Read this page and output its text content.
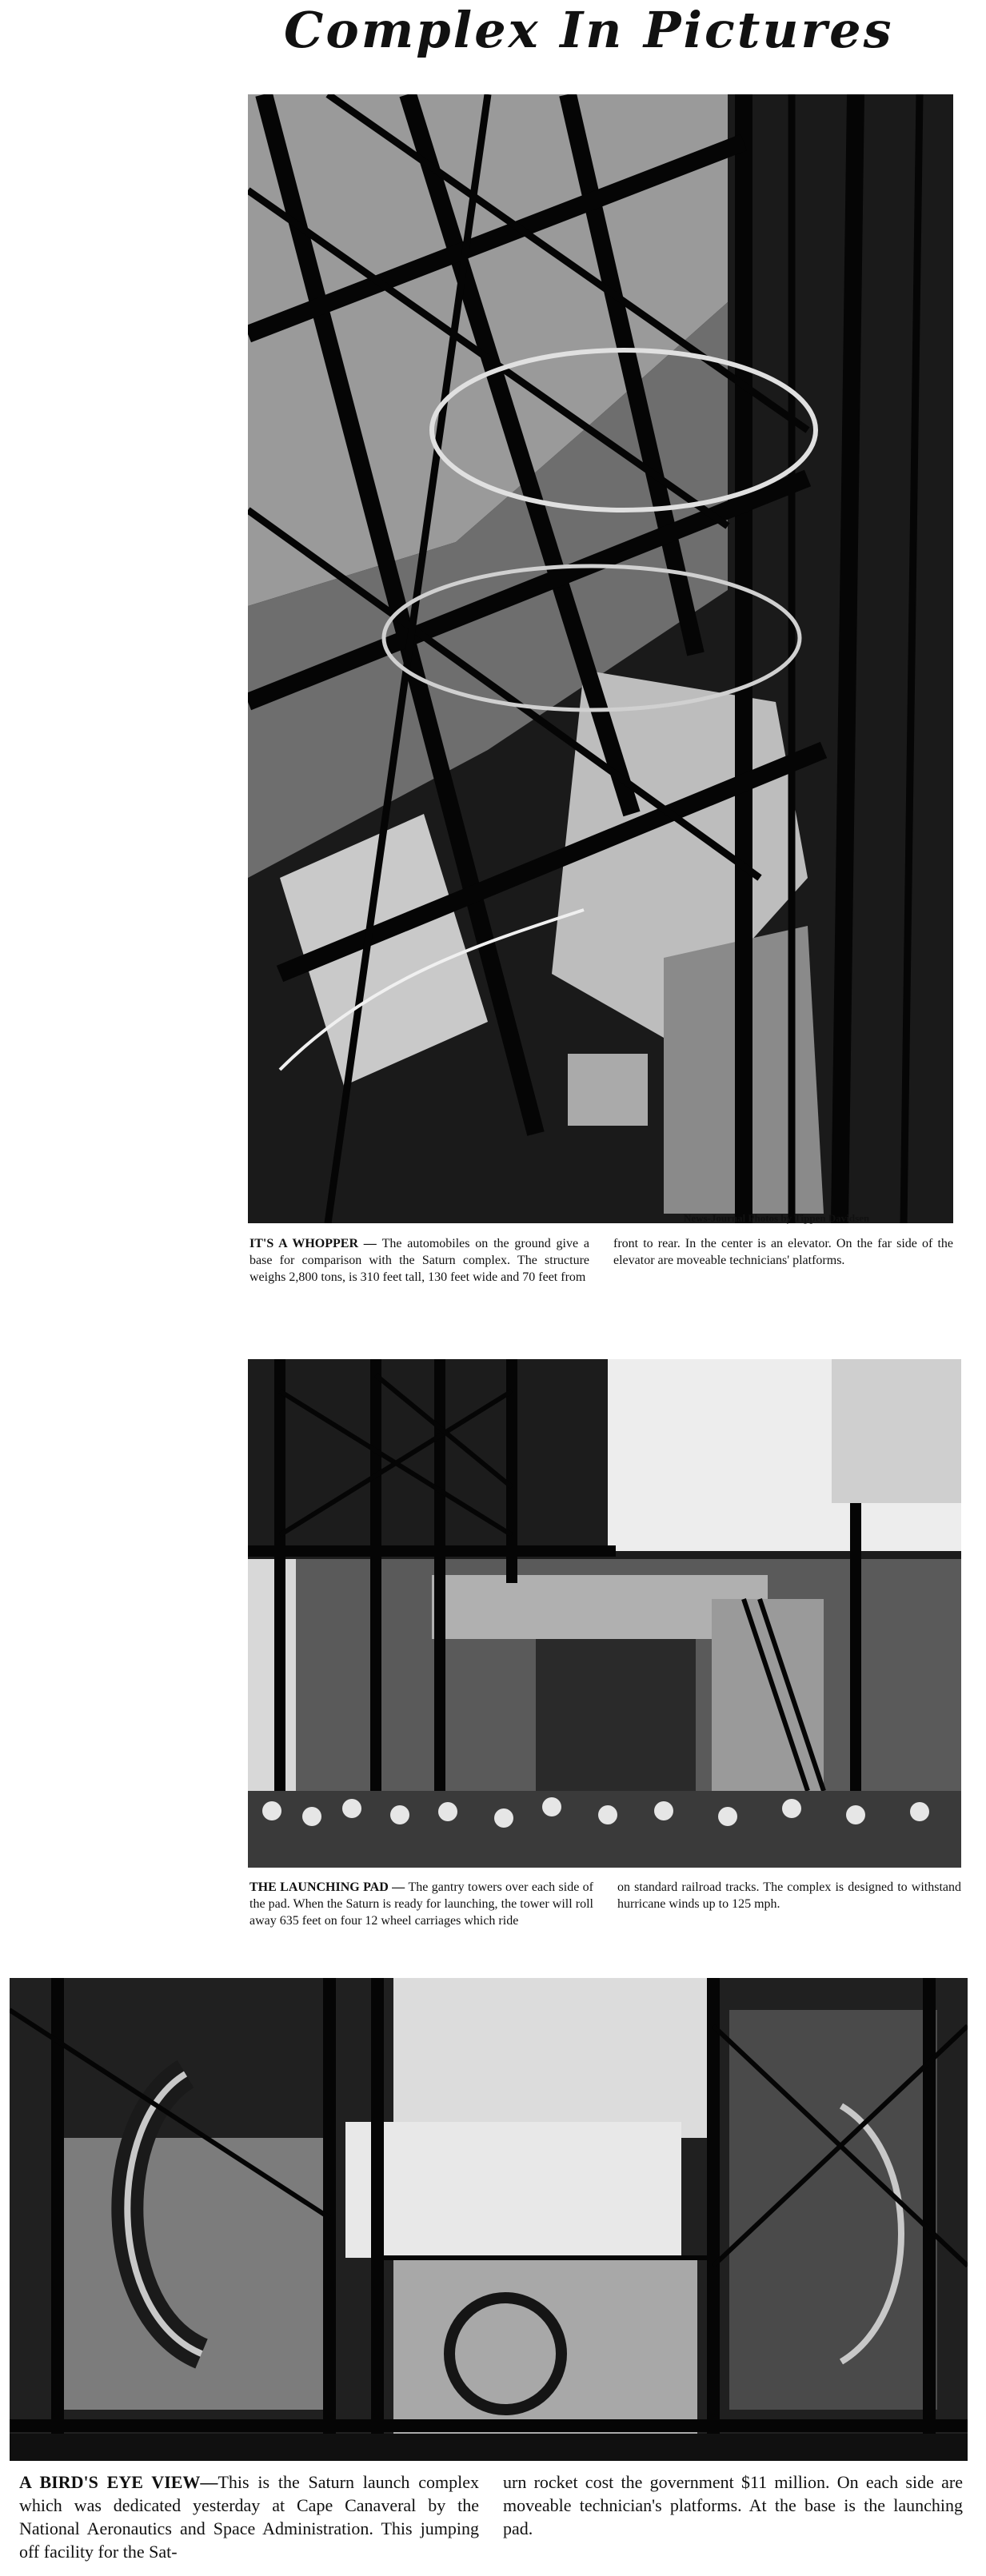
Complex In Pictures
News-Journal Photos by Tippen Davidsen

IT'S A WHOPPER — The automobiles on the ground give a base for comparison with the Saturn complex. The structure weighs 2,800 tons, is 310 feet tall, 130 feet wide and 70 feet from

front to rear. In the center is an elevator. On the far side of the elevator are moveable technicians' platforms.

THE LAUNCHING PAD — The gantry towers over each side of the pad. When the Saturn is ready for launching, the tower will roll away 635 feet on four 12 wheel carriages which ride

on standard railroad tracks. The complex is designed to withstand hurricane winds up to 125 mph.

A BIRD'S EYE VIEW—This is the Saturn launch complex which was dedicated yesterday at Cape Canaveral by the National Aeronautics and Space Administration. This jumping off facility for the Sat-

urn rocket cost the government $11 million. On each side are moveable technician's platforms. At the base is the launching pad.
